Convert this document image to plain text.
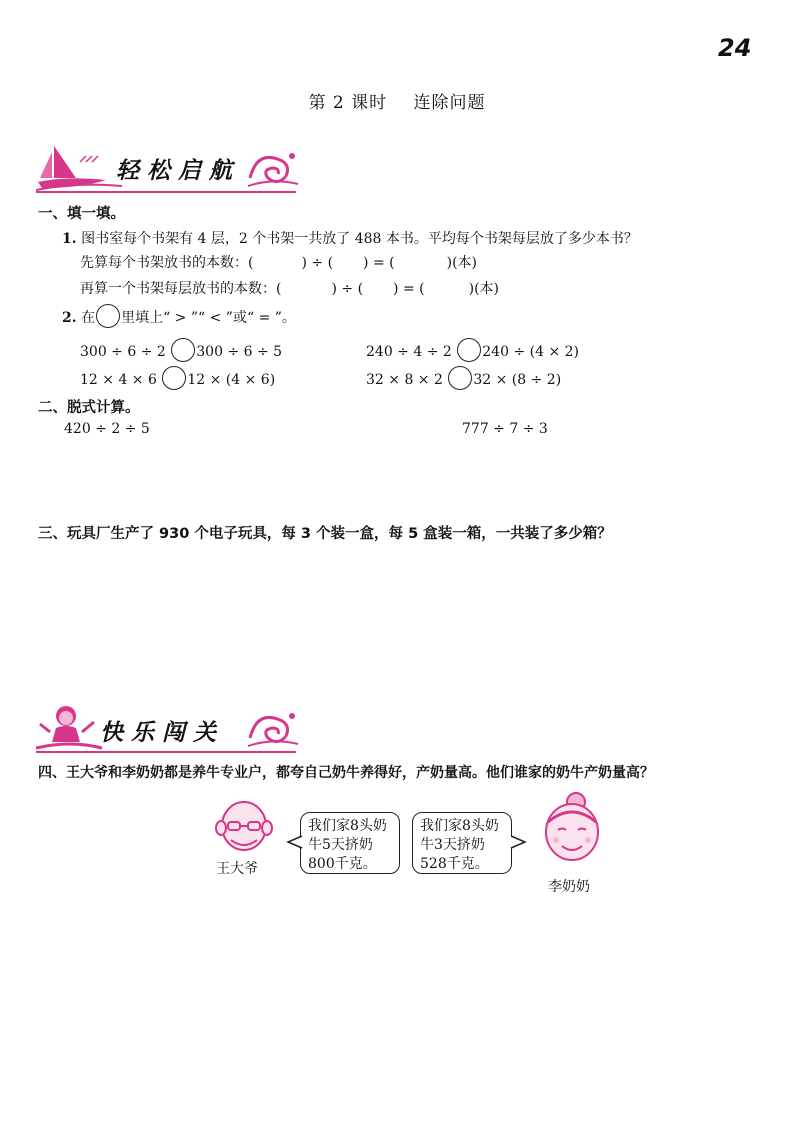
24
第 2 课时 连除问题
轻松启航
一、填一填。
1. 图书室每个书架有 4 层，2 个书架一共放了 488 本书。平均每个书架每层放了多少本书？
先算每个书架放书的本数：(	) ÷ ( ) = (	)(本)
再算一个书架每层放书的本数：(	) ÷ ( ) = (	)(本)
2. 在 里填上“ > ”“ < ”或“ = ”。
300 ÷ 6 ÷ 2 300 ÷ 6 ÷ 5	240 ÷ 4 ÷ 2 240 ÷ (4 × 2)
12 × 4 × 6 12 × (4 × 6)	32 × 8 × 2 32 × (8 ÷ 2)
二、脱式计算。
420 ÷ 2 ÷ 5	777 ÷ 7 ÷ 3
三、玩具厂生产了 930 个电子玩具，每 3 个装一盒，每 5 盒装一箱，一共装了多少箱？
快乐闯关
四、王大爷和李奶奶都是养牛专业户，都夸自己奶牛养得好，产奶量高。他们谁家的奶牛产奶量高？
王大爷
我们家8头奶
牛5天挤奶
800千克。
我们家8头奶
牛3天挤奶
528千克。
李奶奶
